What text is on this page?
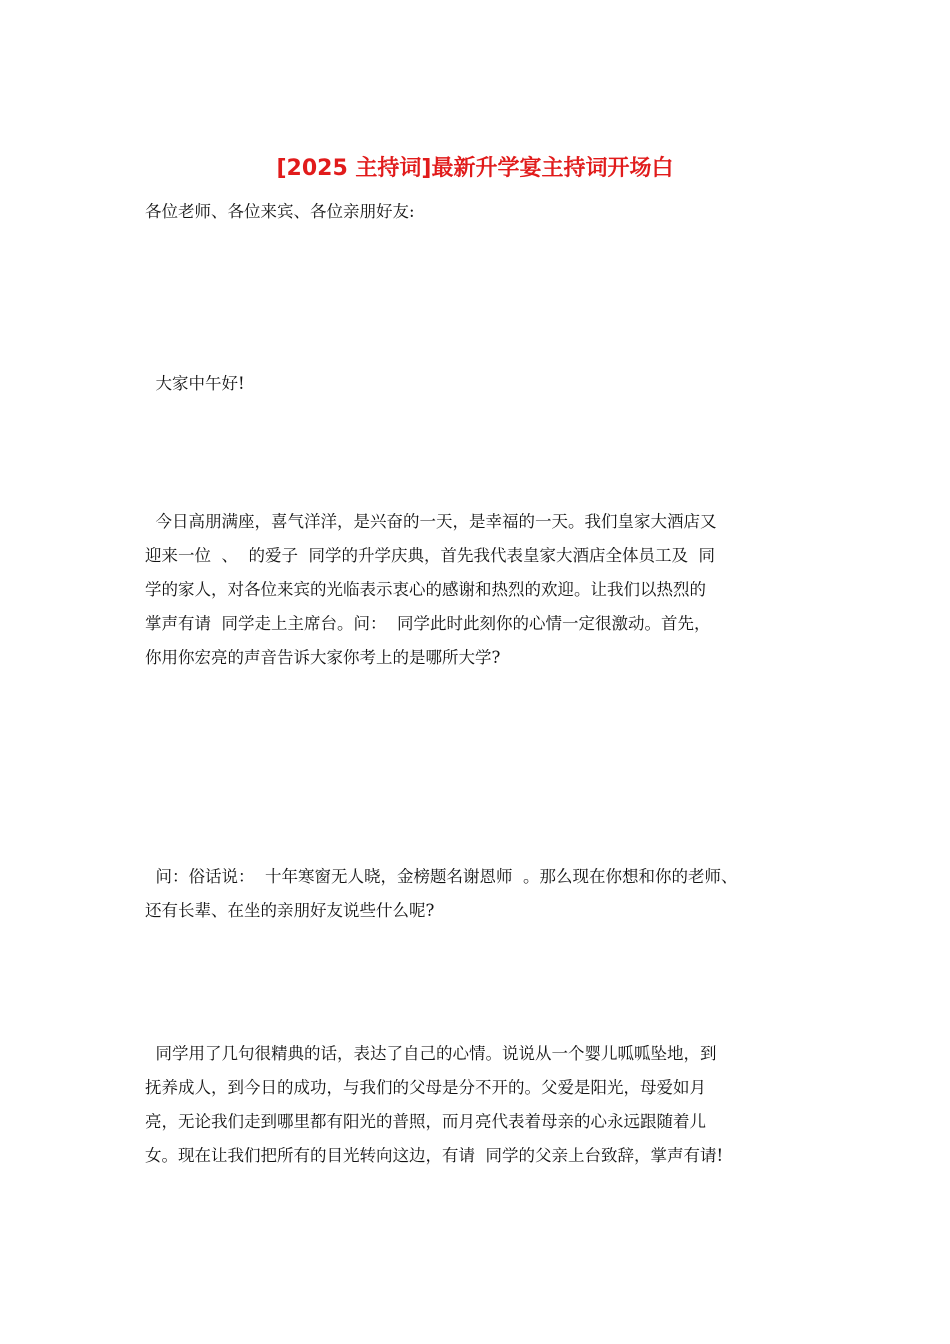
[2025 主持词]最新升学宴主持词开场白

各位老师、各位来宾、各位亲朋好友:

大家中午好!

今日高朋满座，喜气洋洋，是兴奋的一天，是幸福的一天。我们皇家大酒店又
迎来一位  、  的爱子  同学的升学庆典，首先我代表皇家大酒店全体员工及  同
学的家人，对各位来宾的光临表示衷心的感谢和热烈的欢迎。让我们以热烈的
掌声有请  同学走上主席台。问：  同学此时此刻你的心情一定很激动。首先，
你用你宏亮的声音告诉大家你考上的是哪所大学?

问：俗话说：  十年寒窗无人晓，金榜题名谢恩师  。那么现在你想和你的老师、
还有长辈、在坐的亲朋好友说些什么呢?

同学用了几句很精典的话，表达了自己的心情。说说从一个婴儿呱呱坠地，到
抚养成人，到今日的成功，与我们的父母是分不开的。父爱是阳光，母爱如月
亮，无论我们走到哪里都有阳光的普照，而月亮代表着母亲的心永远跟随着儿
女。现在让我们把所有的目光转向这边，有请  同学的父亲上台致辞，掌声有请!
